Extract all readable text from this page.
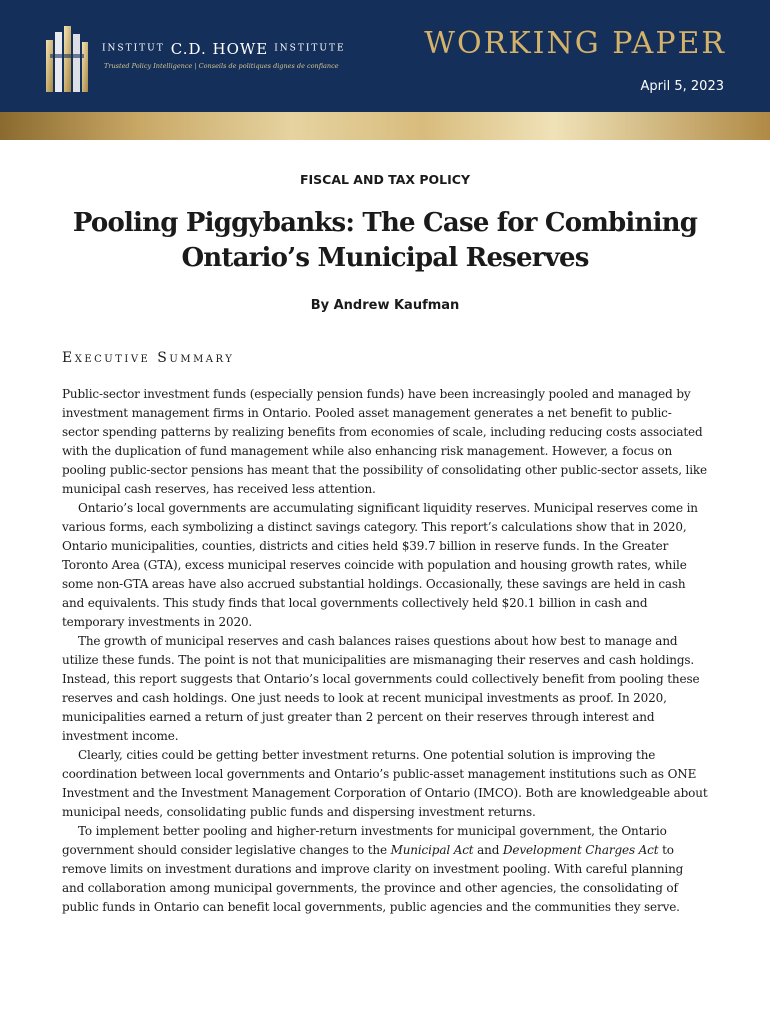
INSTITUT C.D. HOWE INSTITUTE
Trusted Policy Intelligence | Conseils de politiques dignes de confiance
WORKING PAPER
April 5, 2023
FISCAL AND TAX POLICY
Pooling Piggybanks: The Case for Combining Ontario’s Municipal Reserves
By Andrew Kaufman
Executive Summary

Public-sector investment funds (especially pension funds) have been increasingly pooled and managed by investment management firms in Ontario. Pooled asset management generates a net benefit to public-sector spending patterns by realizing benefits from economies of scale, including reducing costs associated with the duplication of fund management while also enhancing risk management. However, a focus on pooling public-sector pensions has meant that the possibility of consolidating other public-sector assets, like municipal cash reserves, has received less attention.

Ontario’s local governments are accumulating significant liquidity reserves. Municipal reserves come in various forms, each symbolizing a distinct savings category. This report’s calculations show that in 2020, Ontario municipalities, counties, districts and cities held $39.7 billion in reserve funds. In the Greater Toronto Area (GTA), excess municipal reserves coincide with population and housing growth rates, while some non-GTA areas have also accrued substantial holdings. Occasionally, these savings are held in cash and equivalents. This study finds that local governments collectively held $20.1 billion in cash and temporary investments in 2020.

The growth of municipal reserves and cash balances raises questions about how best to manage and utilize these funds. The point is not that municipalities are mismanaging their reserves and cash holdings. Instead, this report suggests that Ontario’s local governments could collectively benefit from pooling these reserves and cash holdings. One just needs to look at recent municipal investments as proof. In 2020, municipalities earned a return of just greater than 2 percent on their reserves through interest and investment income.

Clearly, cities could be getting better investment returns. One potential solution is improving the coordination between local governments and Ontario’s public-asset management institutions such as ONE Investment and the Investment Management Corporation of Ontario (IMCO). Both are knowledgeable about municipal needs, consolidating public funds and dispersing investment returns.

To implement better pooling and higher-return investments for municipal government, the Ontario government should consider legislative changes to the Municipal Act and Development Charges Act to remove limits on investment durations and improve clarity on investment pooling. With careful planning and collaboration among municipal governments, the province and other agencies, the consolidating of public funds in Ontario can benefit local governments, public agencies and the communities they serve.
